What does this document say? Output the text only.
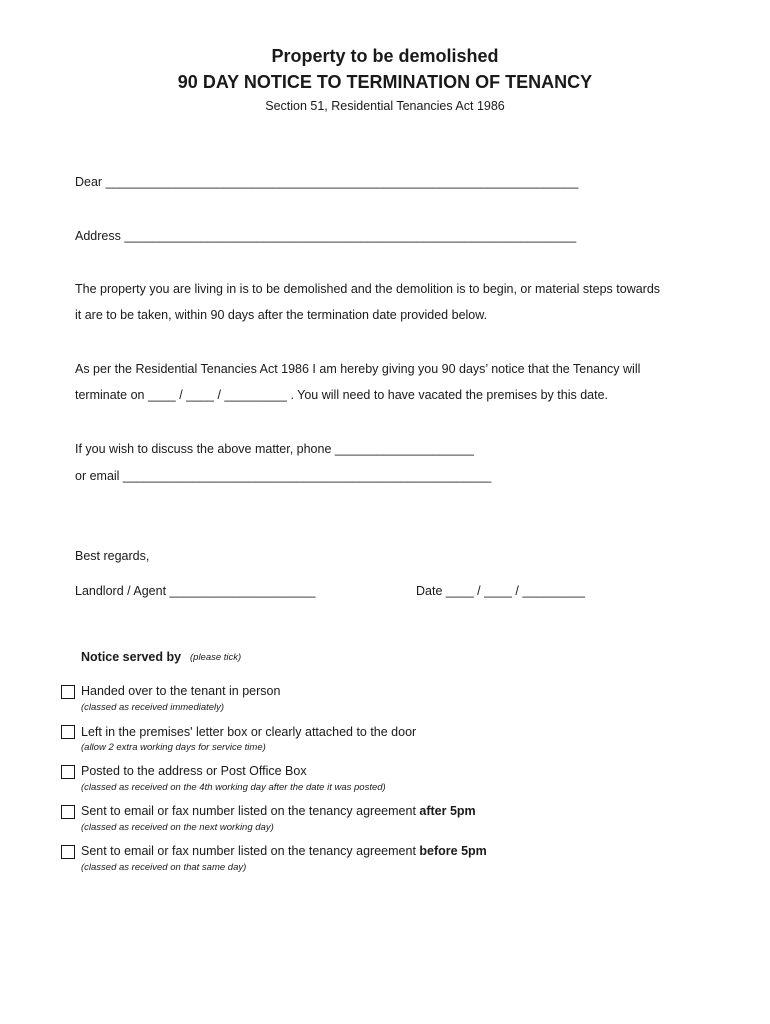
Property to be demolished
90 DAY NOTICE TO TERMINATION OF TENANCY
Section 51, Residential Tenancies Act 1986
Dear ____________________________________________________________________
Address _________________________________________________________________
The property you are living in is to be demolished and the demolition is to begin, or material steps towards
it are to be taken, within 90 days after the termination date provided below.
As per the Residential Tenancies Act 1986 I am hereby giving you 90 days’ notice that the Tenancy will
terminate on ____ / ____ / _________ . You will need to have vacated the premises by this date.
If you wish to discuss the above matter, phone ____________________
or email _____________________________________________________
Best regards,
Landlord / Agent _____________________	Date ____ / ____ / _________
Notice served by (please tick)
Handed over to the tenant in person
(classed as received immediately)
Left in the premises' letter box or clearly attached to the door
(allow 2 extra working days for service time)
Posted to the address or Post Office Box
(classed as received on the 4th working day after the date it was posted)
Sent to email or fax number listed on the tenancy agreement after 5pm
(classed as received on the next working day)
Sent to email or fax number listed on the tenancy agreement before 5pm
(classed as received on that same day)
